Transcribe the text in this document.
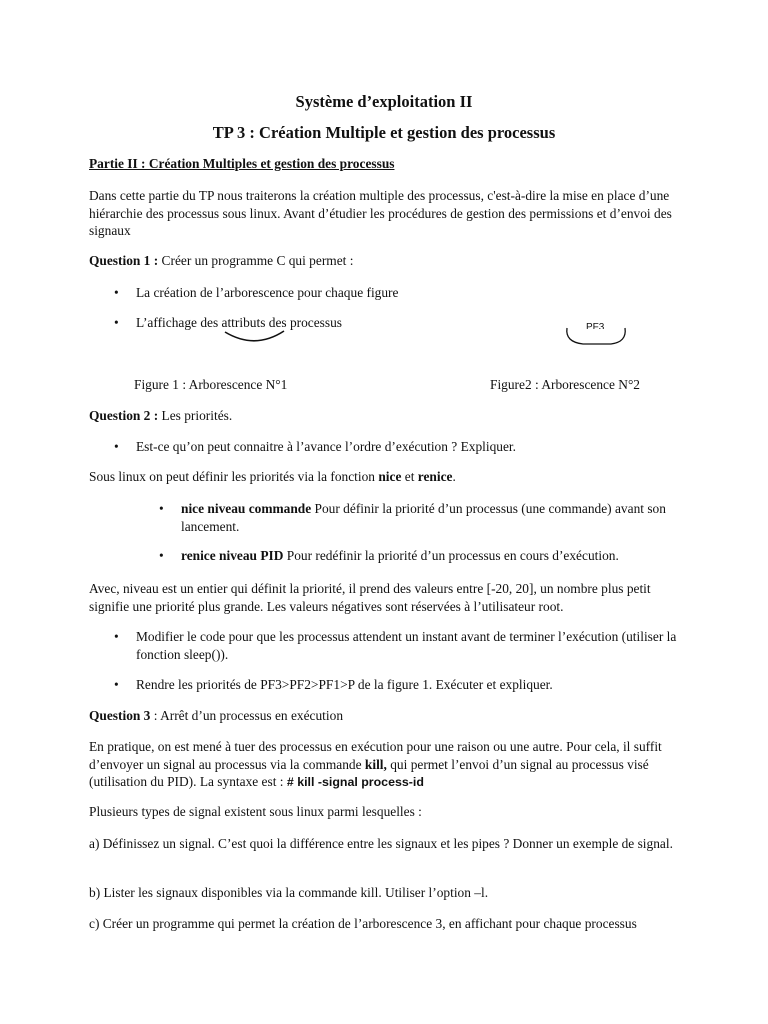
Système d’exploitation II
TP 3 : Création Multiple et gestion des processus
Partie II : Création Multiples et gestion des processus
Dans cette partie du TP nous traiterons la création multiple des processus, c'est-à-dire la mise en place d’une hiérarchie des processus sous linux. Avant d’étudier les procédures de gestion des permissions et d’envoi des signaux
Question 1 : Créer un programme C qui permet :
• La création de l’arborescence pour chaque figure
• L’affichage des attributs des processus	PF3
Figure 1 : Arborescence N°1	Figure2 : Arborescence N°2
Question 2 : Les priorités.
• Est-ce qu’on peut connaitre à l’avance l’ordre d’exécution ? Expliquer.
Sous linux on peut définir les priorités via la fonction nice et renice.
• nice niveau commande Pour définir la priorité d’un processus (une commande) avant son lancement.
• renice niveau PID Pour redéfinir la priorité d’un processus en cours d’exécution.
Avec, niveau est un entier qui définit la priorité, il prend des valeurs entre [-20, 20], un nombre plus petit signifie une priorité plus grande. Les valeurs négatives sont réservées à l’utilisateur root.
• Modifier le code pour que les processus attendent un instant avant de terminer l’exécution (utiliser la fonction sleep()).
• Rendre les priorités de PF3>PF2>PF1>P de la figure 1. Exécuter et expliquer.
Question 3 : Arrêt d’un processus en exécution
En pratique, on est mené à tuer des processus en exécution pour une raison ou une autre. Pour cela, il suffit d’envoyer un signal au processus via la commande kill, qui permet l’envoi d’un signal au processus visé (utilisation du PID). La syntaxe est : # kill -signal process-id
Plusieurs types de signal existent sous linux parmi lesquelles :
a) Définissez un signal. C’est quoi la différence entre les signaux et les pipes ? Donner un exemple de signal.
b) Lister les signaux disponibles via la commande kill. Utiliser l’option –l.
c) Créer un programme qui permet la création de l’arborescence 3, en affichant pour chaque processus
